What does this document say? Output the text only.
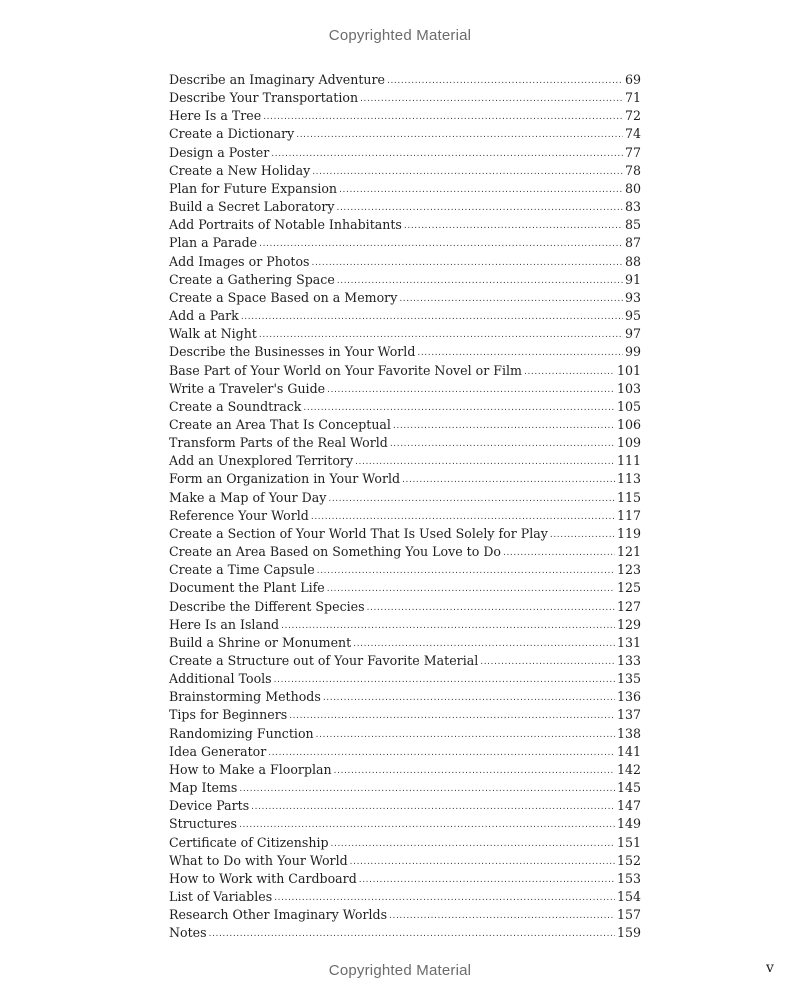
Copyrighted Material
Describe an Imaginary Adventure .....	69
Describe Your Transportation .....	71
Here Is a Tree .....	72
Create a Dictionary .....	74
Design a Poster .....	77
Create a New Holiday .....	78
Plan for Future Expansion .....	80
Build a Secret Laboratory .....	83
Add Portraits of Notable Inhabitants .....	85
Plan a Parade .....	87
Add Images or Photos .....	88
Create a Gathering Space .....	91
Create a Space Based on a Memory .....	93
Add a Park .....	95
Walk at Night .....	97
Describe the Businesses in Your World .....	99
Base Part of Your World on Your Favorite Novel or Film .....	101
Write a Traveler's Guide .....	103
Create a Soundtrack .....	105
Create an Area That Is Conceptual .....	106
Transform Parts of the Real World .....	109
Add an Unexplored Territory .....	111
Form an Organization in Your World .....	113
Make a Map of Your Day .....	115
Reference Your World .....	117
Create a Section of Your World That Is Used Solely for Play .....	119
Create an Area Based on Something You Love to Do .....	121
Create a Time Capsule .....	123
Document the Plant Life .....	125
Describe the Different Species .....	127
Here Is an Island .....	129
Build a Shrine or Monument .....	131
Create a Structure out of Your Favorite Material .....	133
Additional Tools .....	135
Brainstorming Methods .....	136
Tips for Beginners .....	137
Randomizing Function .....	138
Idea Generator .....	141
How to Make a Floorplan .....	142
Map Items .....	145
Device Parts .....	147
Structures .....	149
Certificate of Citizenship .....	151
What to Do with Your World .....	152
How to Work with Cardboard .....	153
List of Variables .....	154
Research Other Imaginary Worlds .....	157
Notes .....	159
Copyrighted Material	v
